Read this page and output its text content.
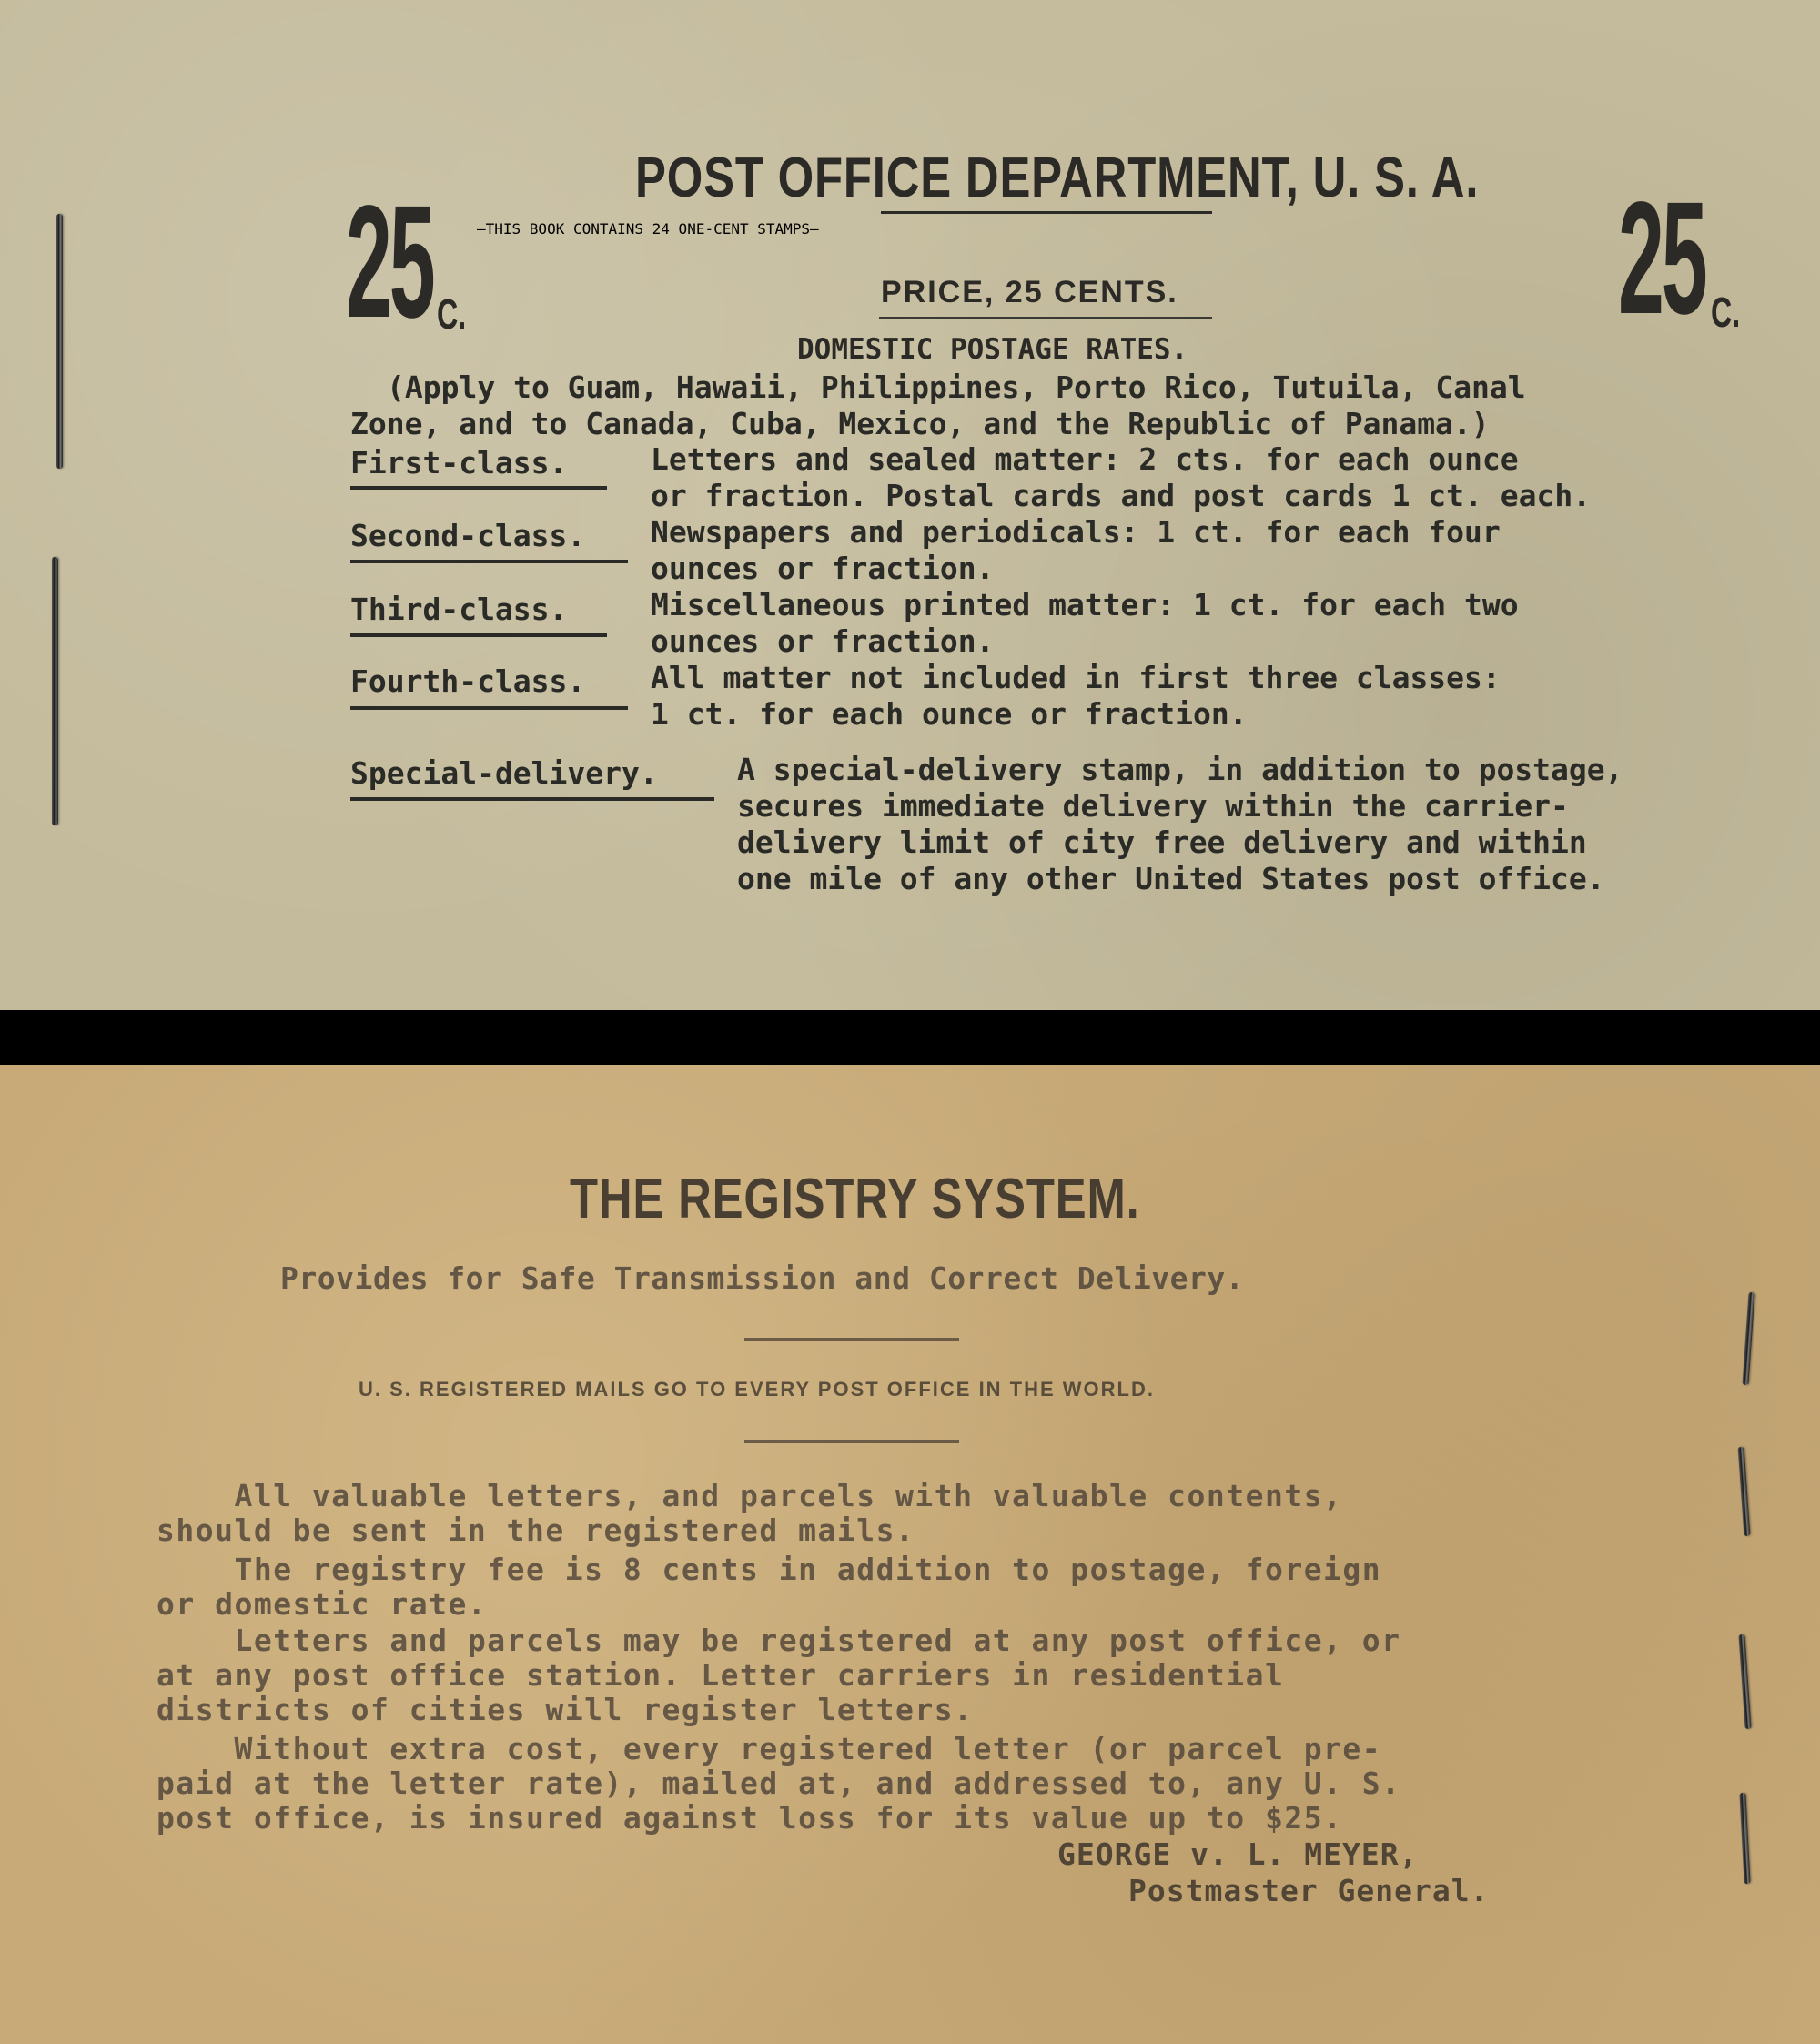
POST OFFICE DEPARTMENT, U. S. A.
25 C.	25 C.
—THIS BOOK CONTAINS 24 ONE-CENT STAMPS—
PRICE, 25 CENTS.
DOMESTIC POSTAGE RATES.
(Apply to Guam, Hawaii, Philippines, Porto Rico, Tutuila, Canal
Zone, and to Canada, Cuba, Mexico, and the Republic of Panama.)
First-class.	Letters and sealed matter: 2 cts. for each ounce
or fraction. Postal cards and post cards 1 ct. each.
Second-class. Newspapers and periodicals: 1 ct. for each four
ounces or fraction.
Third-class.	Miscellaneous printed matter: 1 ct. for each two
ounces or fraction.
Fourth-class. All matter not included in first three classes:
1 ct. for each ounce or fraction.
Special-delivery.	A special-delivery stamp, in addition to postage,
secures immediate delivery within the carrier-
delivery limit of city free delivery and within
one mile of any other United States post office.
THE REGISTRY SYSTEM.
Provides for Safe Transmission and Correct Delivery.
U. S. REGISTERED MAILS GO TO EVERY POST OFFICE IN THE WORLD.
All valuable letters, and parcels with valuable contents,
should be sent in the registered mails.
The registry fee is 8 cents in addition to postage, foreign
or domestic rate.
Letters and parcels may be registered at any post office, or
at any post office station. Letter carriers in residential
districts of cities will register letters.
Without extra cost, every registered letter (or parcel pre-
paid at the letter rate), mailed at, and addressed to, any U. S.
post office, is insured against loss for its value up to $25.
GEORGE v. L. MEYER,
Postmaster General.
